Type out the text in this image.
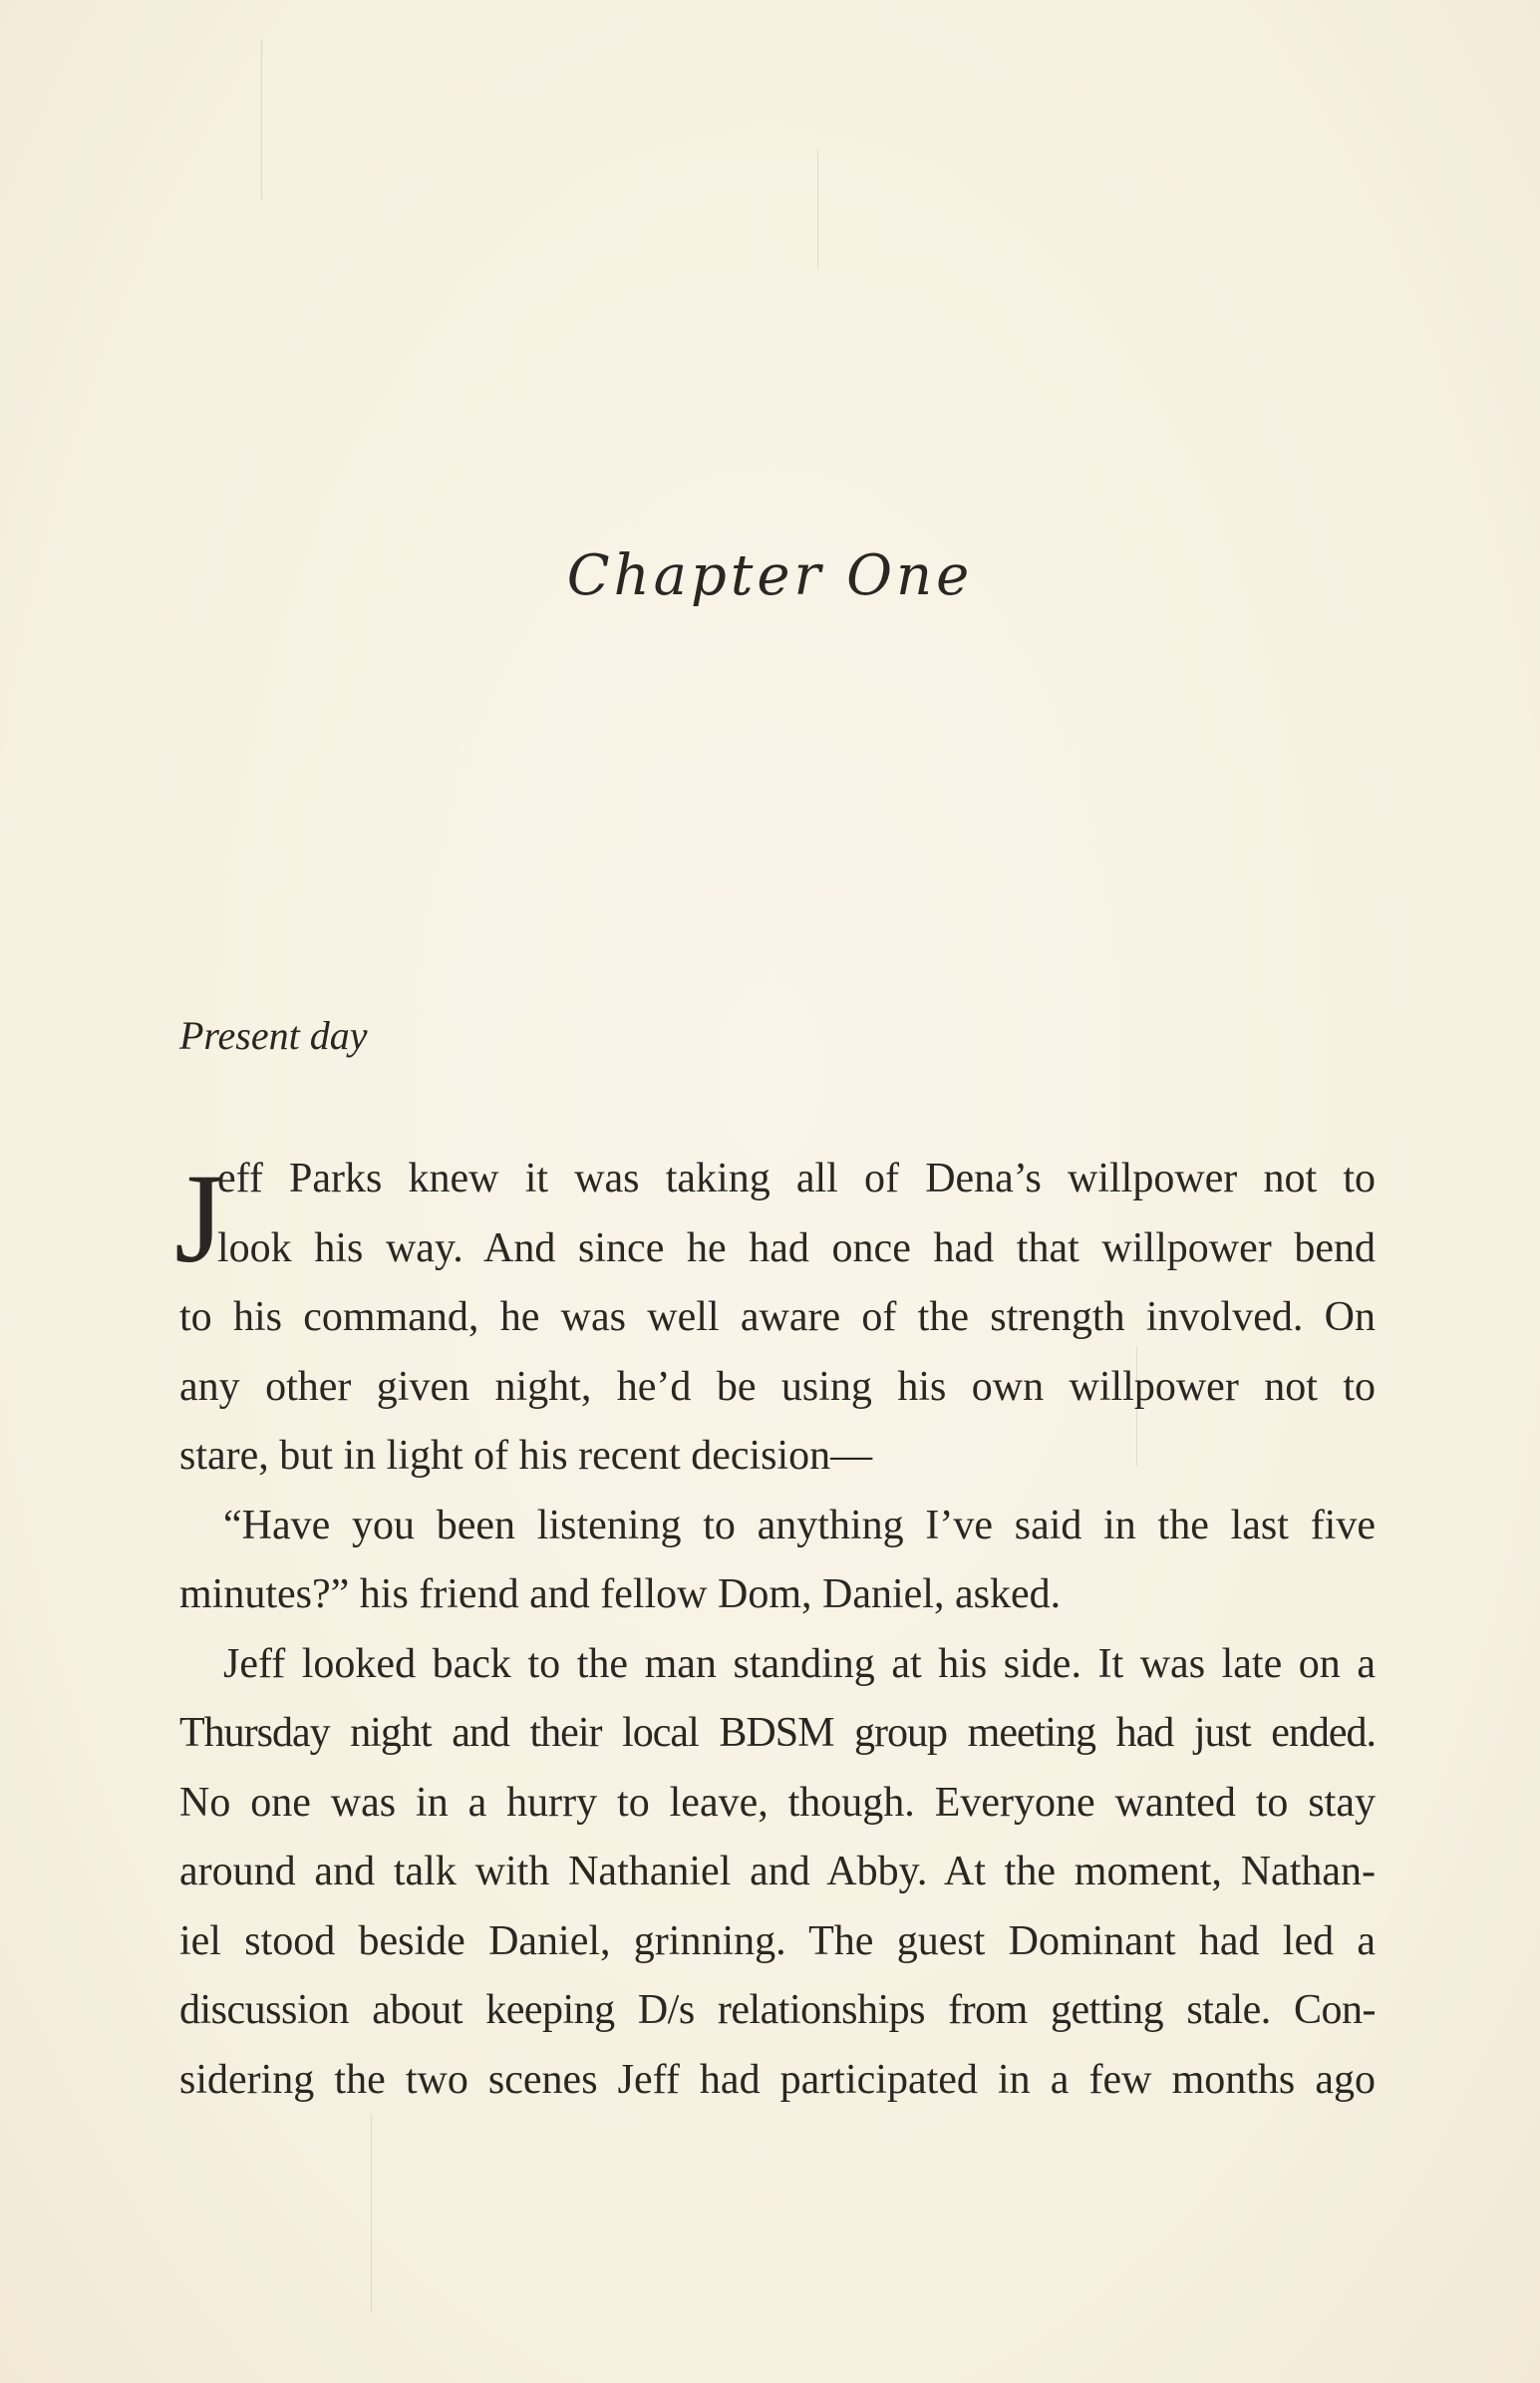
Chapter One
Present day
J
eff Parks knew it was taking all of Dena’s willpower not to
look his way. And since he had once had that willpower bend
to his command, he was well aware of the strength involved. On
any other given night, he’d be using his own willpower not to
stare, but in light of his recent decision—
“Have you been listening to anything I’ve said in the last five
minutes?” his friend and fellow Dom, Daniel, asked.
Jeff looked back to the man standing at his side. It was late on a
Thursday night and their local BDSM group meeting had just ended.
No one was in a hurry to leave, though. Everyone wanted to stay
around and talk with Nathaniel and Abby. At the moment, Nathan-
iel stood beside Daniel, grinning. The guest Dominant had led a
discussion about keeping D/s relationships from getting stale. Con-
sidering the two scenes Jeff had participated in a few months ago
